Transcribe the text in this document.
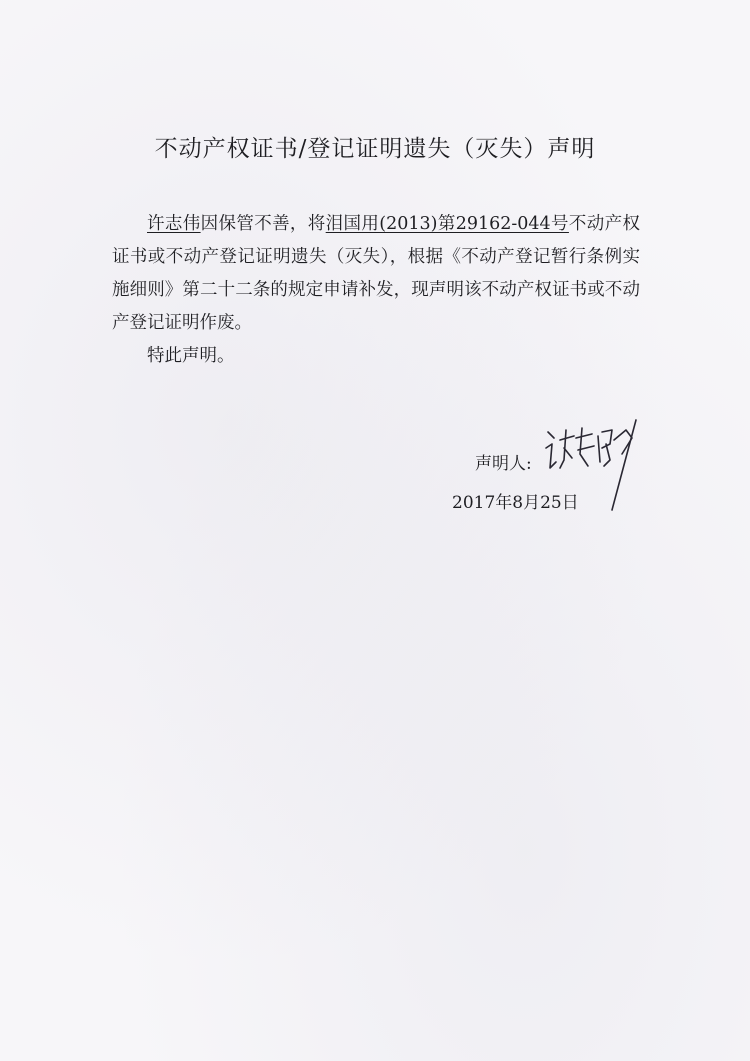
不动产权证书/登记证明遗失（灭失）声明

许志伟因保管不善，将泪国用(2013)第29162-044号不动产权证书或不动产登记证明遗失（灭失），根据《不动产登记暂行条例实施细则》第二十二条的规定申请补发，现声明该不动产权证书或不动产登记证明作废。

特此声明。

声明人:
2017年8月25日
